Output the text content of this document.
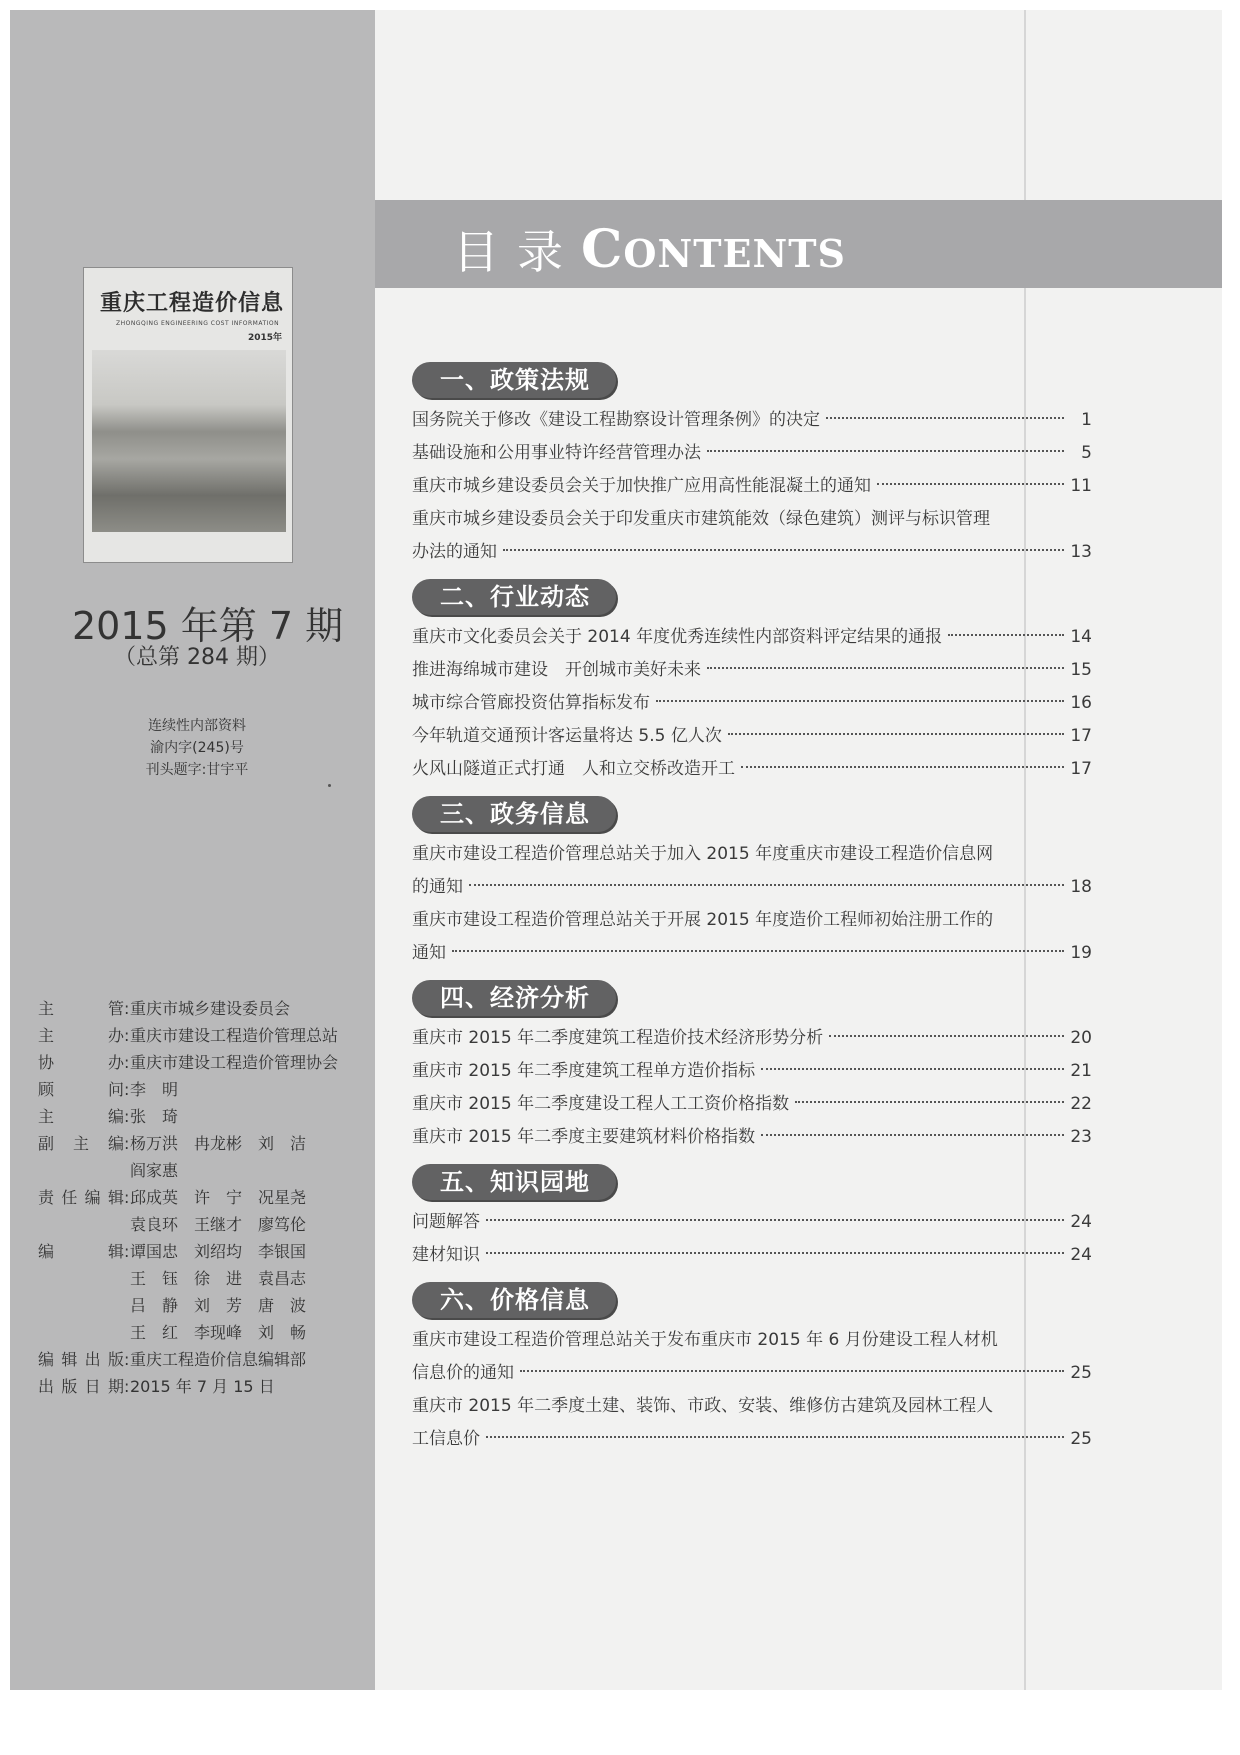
重庆工程造价信息
ZHONGQING ENGINEERING COST INFORMATION
2015年
2015 年第 7 期
（总第 284 期）
连续性内部资料
渝内字(245)号
刊头题字:甘宇平
主管 : 重庆市城乡建设委员会
主办 : 重庆市建设工程造价管理总站
协办 : 重庆市建设工程造价管理协会
顾问 : 李　明
主编 : 张　琦
副主编 : 杨万洪　冉龙彬　刘　洁
阎家惠
责任编辑 : 邱成英　许　宁　况星尧
袁良环　王继才　廖笃伦
编辑 : 谭国忠　刘绍均　李银国
王　钰　徐　进　袁昌志
吕　静　刘　芳　唐　波
王　红　李现峰　刘　畅
编辑出版 : 重庆工程造价信息编辑部
出版日期 : 2015 年 7 月 15 日
目录CONTENTS
一、政策法规
国务院关于修改《建设工程勘察设计管理条例》的决定	1
基础设施和公用事业特许经营管理办法	5
重庆市城乡建设委员会关于加快推广应用高性能混凝土的通知	11
重庆市城乡建设委员会关于印发重庆市建筑能效（绿色建筑）测评与标识管理
办法的通知	13
二、行业动态
重庆市文化委员会关于 2014 年度优秀连续性内部资料评定结果的通报	14
推进海绵城市建设　开创城市美好未来	15
城市综合管廊投资估算指标发布	16
今年轨道交通预计客运量将达 5.5 亿人次	17
火风山隧道正式打通　人和立交桥改造开工	17
三、政务信息
重庆市建设工程造价管理总站关于加入 2015 年度重庆市建设工程造价信息网
的通知	18
重庆市建设工程造价管理总站关于开展 2015 年度造价工程师初始注册工作的
通知	19
四、经济分析
重庆市 2015 年二季度建筑工程造价技术经济形势分析	20
重庆市 2015 年二季度建筑工程单方造价指标	21
重庆市 2015 年二季度建设工程人工工资价格指数	22
重庆市 2015 年二季度主要建筑材料价格指数	23
五、知识园地
问题解答	24
建材知识	24
六、价格信息
重庆市建设工程造价管理总站关于发布重庆市 2015 年 6 月份建设工程人材机
信息价的通知	25
重庆市 2015 年二季度土建、装饰、市政、安装、维修仿古建筑及园林工程人
工信息价	25
